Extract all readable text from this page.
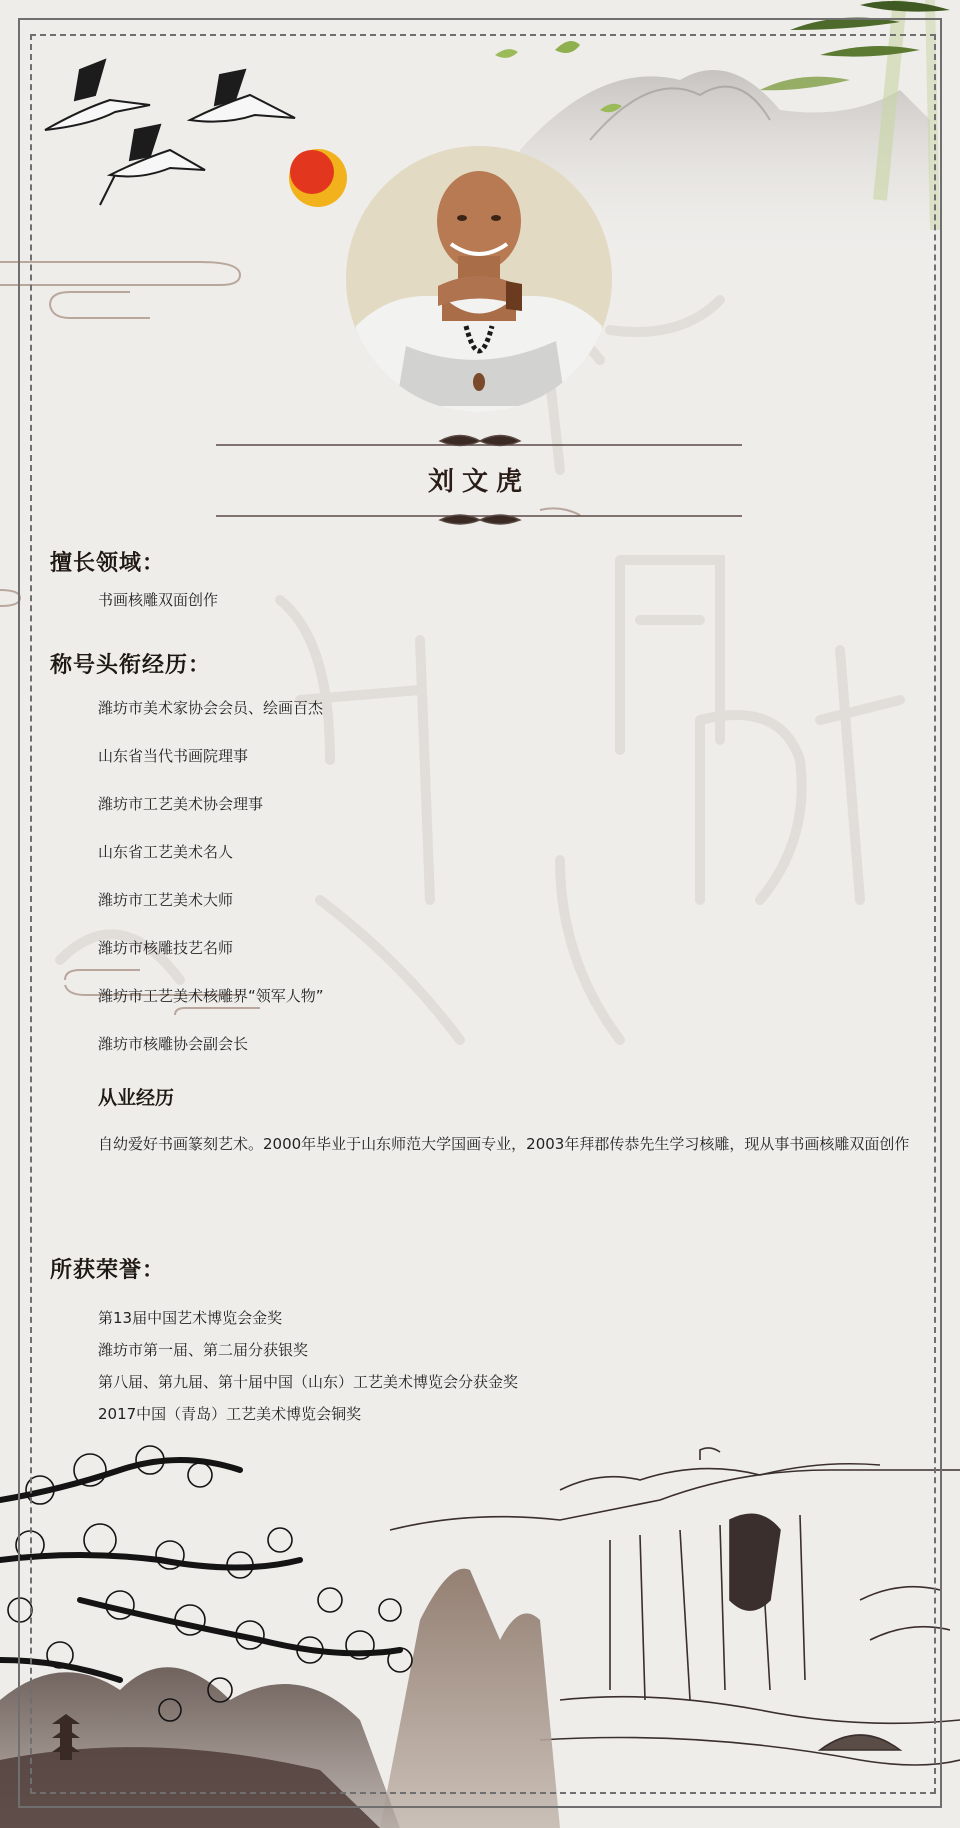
刘文虎
擅长领域：
书画核雕双面创作
称号头衔经历：
潍坊市美术家协会会员、绘画百杰
山东省当代书画院理事
潍坊市工艺美术协会理事
山东省工艺美术名人
潍坊市工艺美术大师
潍坊市核雕技艺名师
潍坊市工艺美术核雕界“领军人物”
潍坊市核雕协会副会长
从业经历
自幼爱好书画篆刻艺术。2000年毕业于山东师范大学国画专业，2003年拜郡传恭先生学习核雕，现从事书画核雕双面创作
所获荣誉：
第13届中国艺术博览会金奖
潍坊市第一届、第二届分获银奖
第八届、第九届、第十届中国（山东）工艺美术博览会分获金奖
2017中国（青岛）工艺美术博览会铜奖
